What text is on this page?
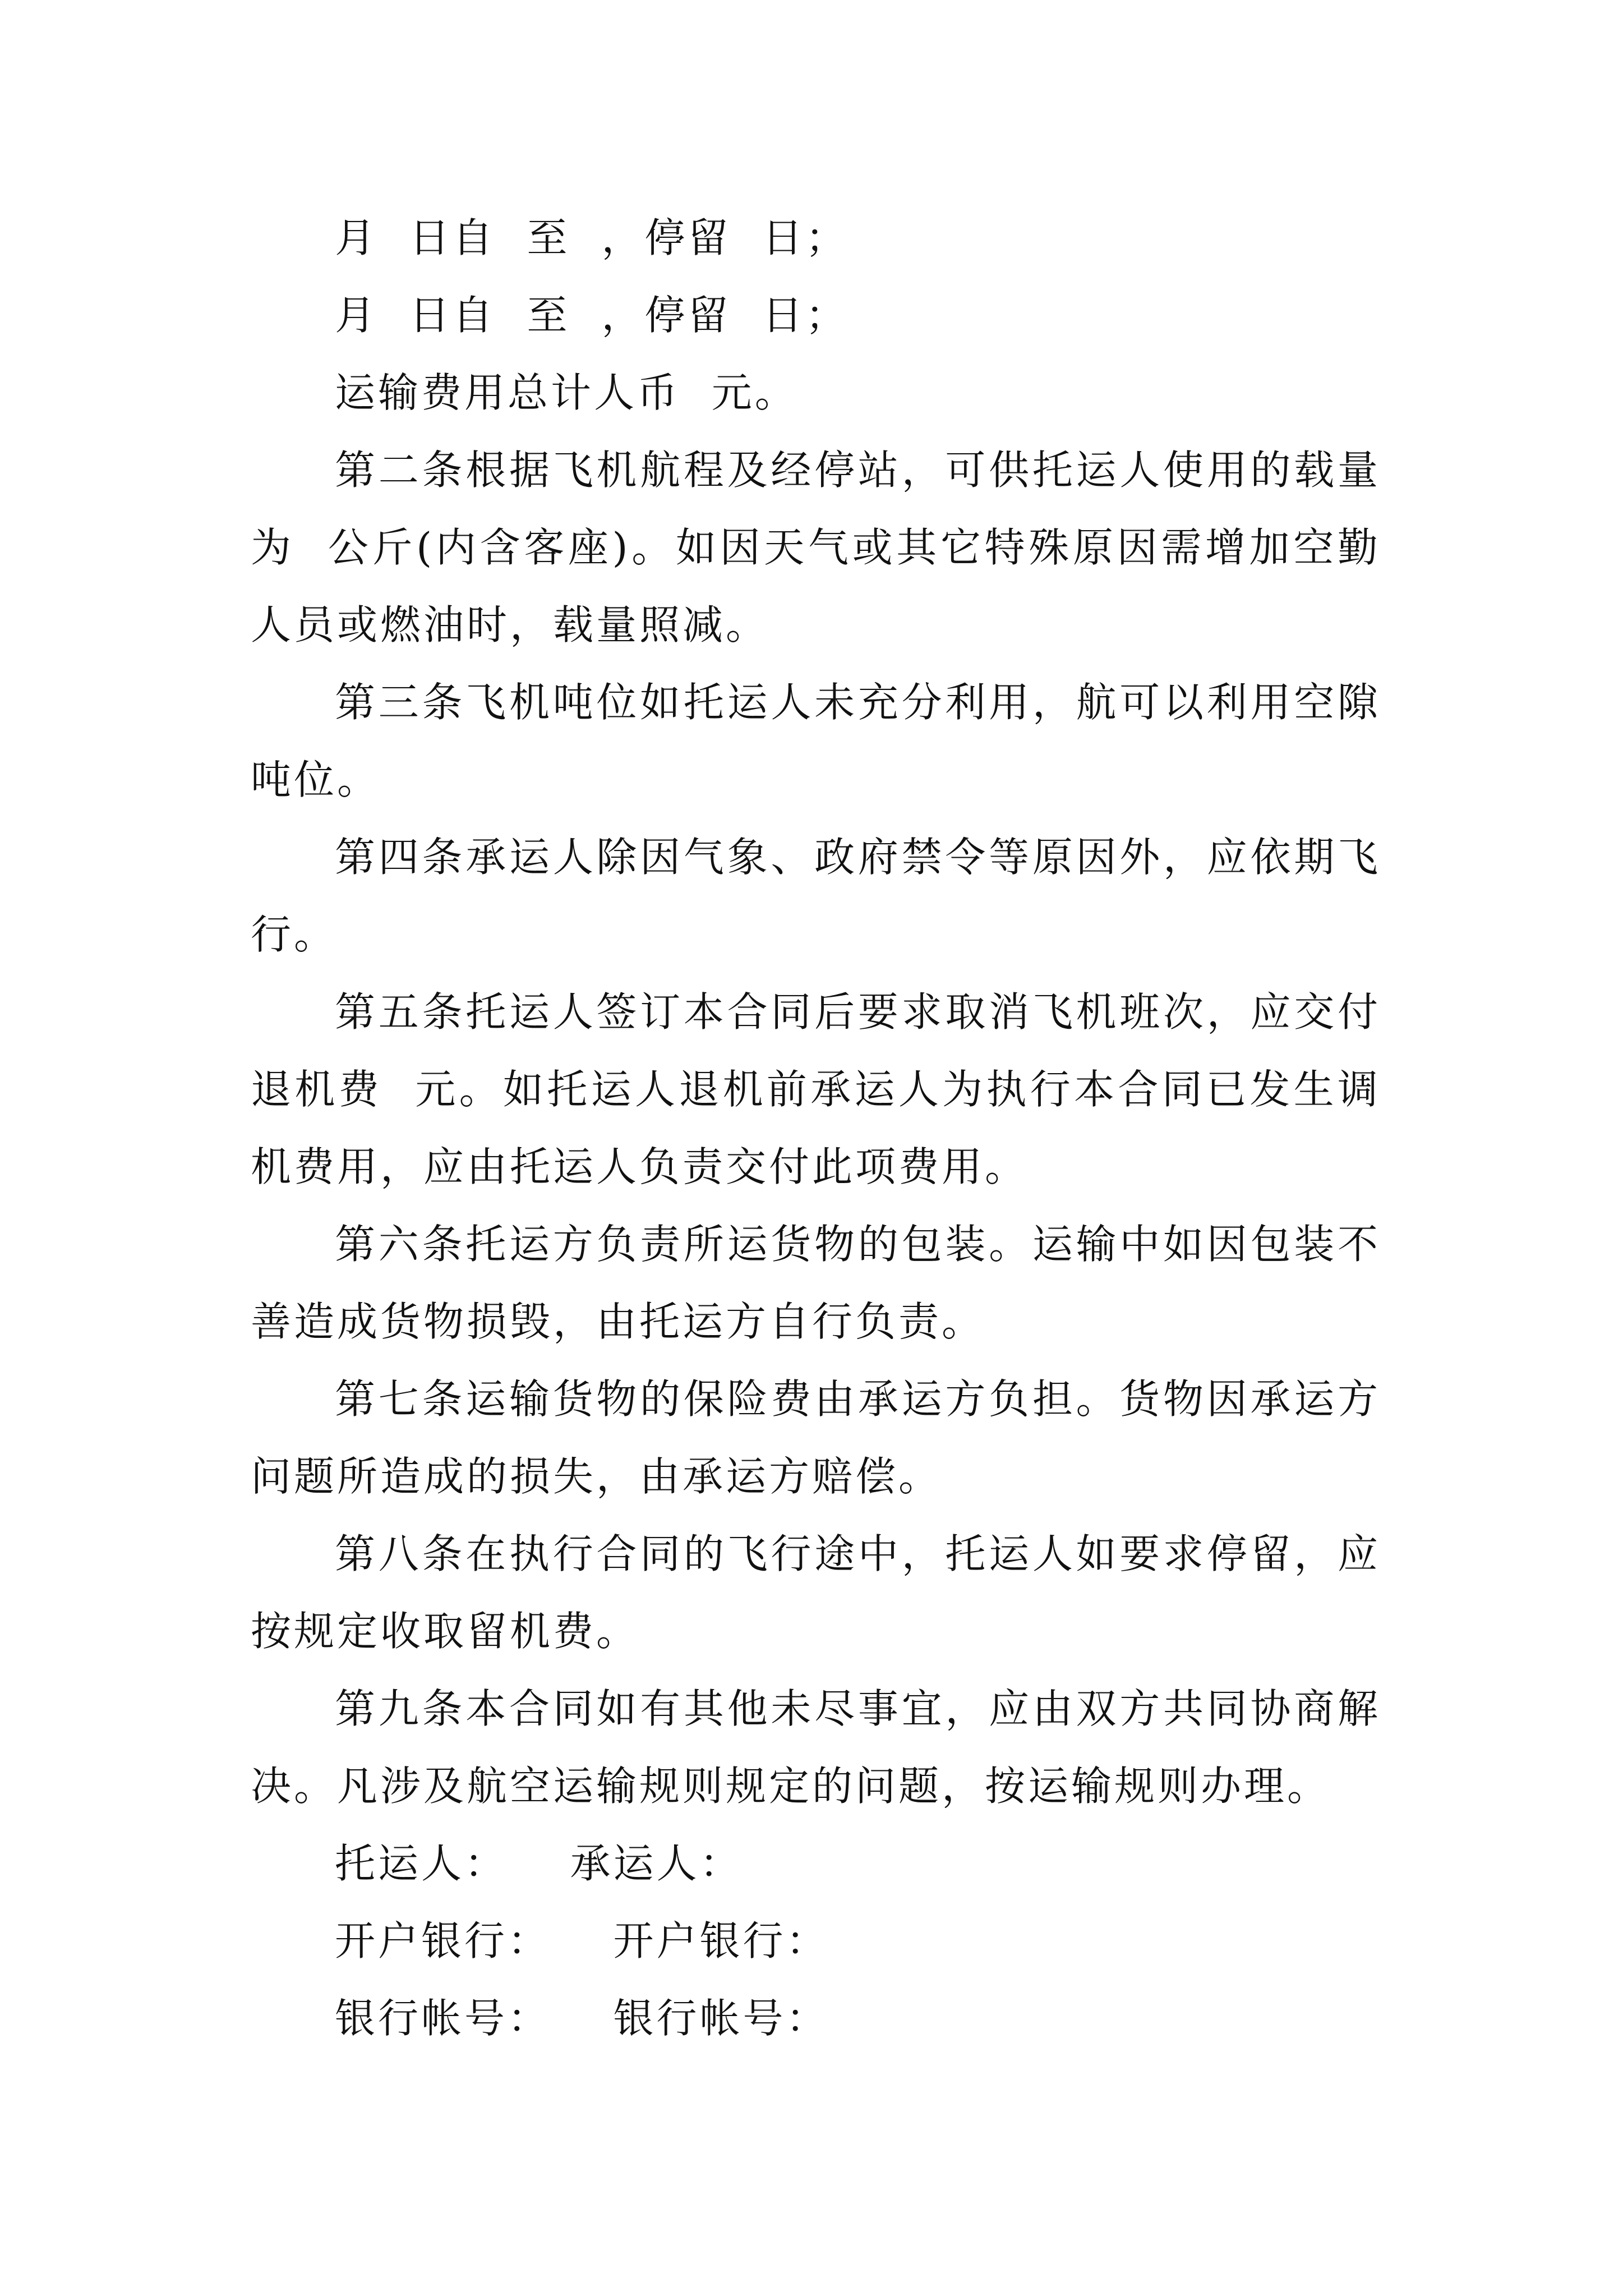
月  日自  至  ，停留  日；

月  日自  至  ，停留  日；

运输费用总计人币  元。

第二条根据飞机航程及经停站，可供托运人使用的载量为  公斤(内含客座)。如因天气或其它特殊原因需增加空勤人员或燃油时，载量照减。

第三条飞机吨位如托运人未充分利用，航可以利用空隙吨位。

第四条承运人除因气象、政府禁令等原因外，应依期飞行。

第五条托运人签订本合同后要求取消飞机班次，应交付退机费  元。如托运人退机前承运人为执行本合同已发生调机费用，应由托运人负责交付此项费用。

第六条托运方负责所运货物的包装。运输中如因包装不善造成货物损毁，由托运方自行负责。

第七条运输货物的保险费由承运方负担。货物因承运方问题所造成的损失，由承运方赔偿。

第八条在执行合同的飞行途中，托运人如要求停留，应按规定收取留机费。

第九条本合同如有其他未尽事宜，应由双方共同协商解决。凡涉及航空运输规则规定的问题，按运输规则办理。

托运人：    承运人：

开户银行：    开户银行：

银行帐号：    银行帐号：
